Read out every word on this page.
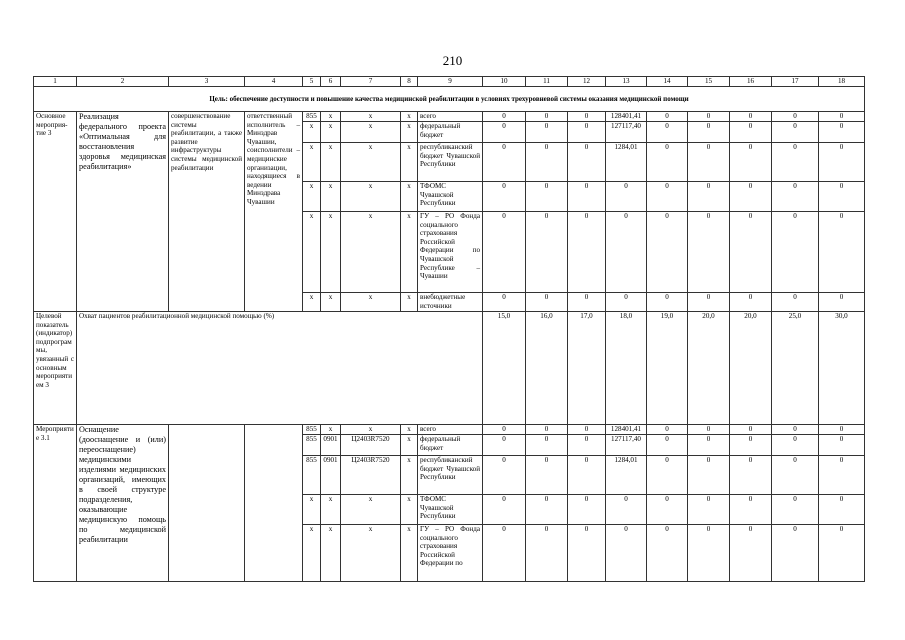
210
1	2	3	4	5	6	7	8	9	10	11	12	13	14	15	16	17	18
Цель: обеспечение доступности и повышение качества медицинской реабилитации в условиях трехуровневой системы оказания медицинской помощи																	
Основное мероприя-тие 3	Реализация федерального проекта «Оптимальная для восстановления здоровья медицинская реабилитация»	совершенствование системы реабилитации, а также развитие инфраструктуры системы медицинской реабилитации	ответственный исполнитель – Минздрав Чувашии, соисполнители – медицинские организации, находящиеся в ведении Минздрава Чувашии	855	х	х	х	всего	0	0	0	128401,41	0	0	0	0	0
				х	х	х	х	федеральный бюджет	0	0	0	127117,40	0	0	0	0	0
				х	х	х	х	республиканский бюджет Чувашской Республики	0	0	0	1284,01	0	0	0	0	0
				х	х	х	х	ТФОМС Чувашской Республики	0	0	0	0	0	0	0	0	0
				х	х	х	х	ГУ – РО Фонда социального страхования Российской Федерации по Чувашской Республике – Чувашии	0	0	0	0	0	0	0	0	0
				х	х	х	х	внебюджетные источники	0	0	0	0	0	0	0	0	0
Целевой показатель (индикатор) подпрограммы, увязанный с основным мероприятием 3	Охват пациентов реабилитационной медицинской помощью (%)								15,0	16,0	17,0	18,0	19,0	20,0	20,0	25,0	30,0
Мероприятие 3.1	Оснащение (дооснащение и (или) переоснащение) медицинскими изделиями медицинских организаций, имеющих в своей структуре подразделения, оказывающие медицинскую помощь по медицинской реабилитации			855	х	х	х	всего	0	0	0	128401,41	0	0	0	0	0
				855	0901	Ц2403R7520	х	федеральный бюджет	0	0	0	127117,40	0	0	0	0	0
				855	0901	Ц2403R7520	х	республиканский бюджет Чувашской Республики	0	0	0	1284,01	0	0	0	0	0
				х	х	х	х	ТФОМС Чувашской Республики	0	0	0	0	0	0	0	0	0
				х	х	х	х	ГУ – РО Фонда социального страхования Российской Федерации по	0	0	0	0	0	0	0	0	0
